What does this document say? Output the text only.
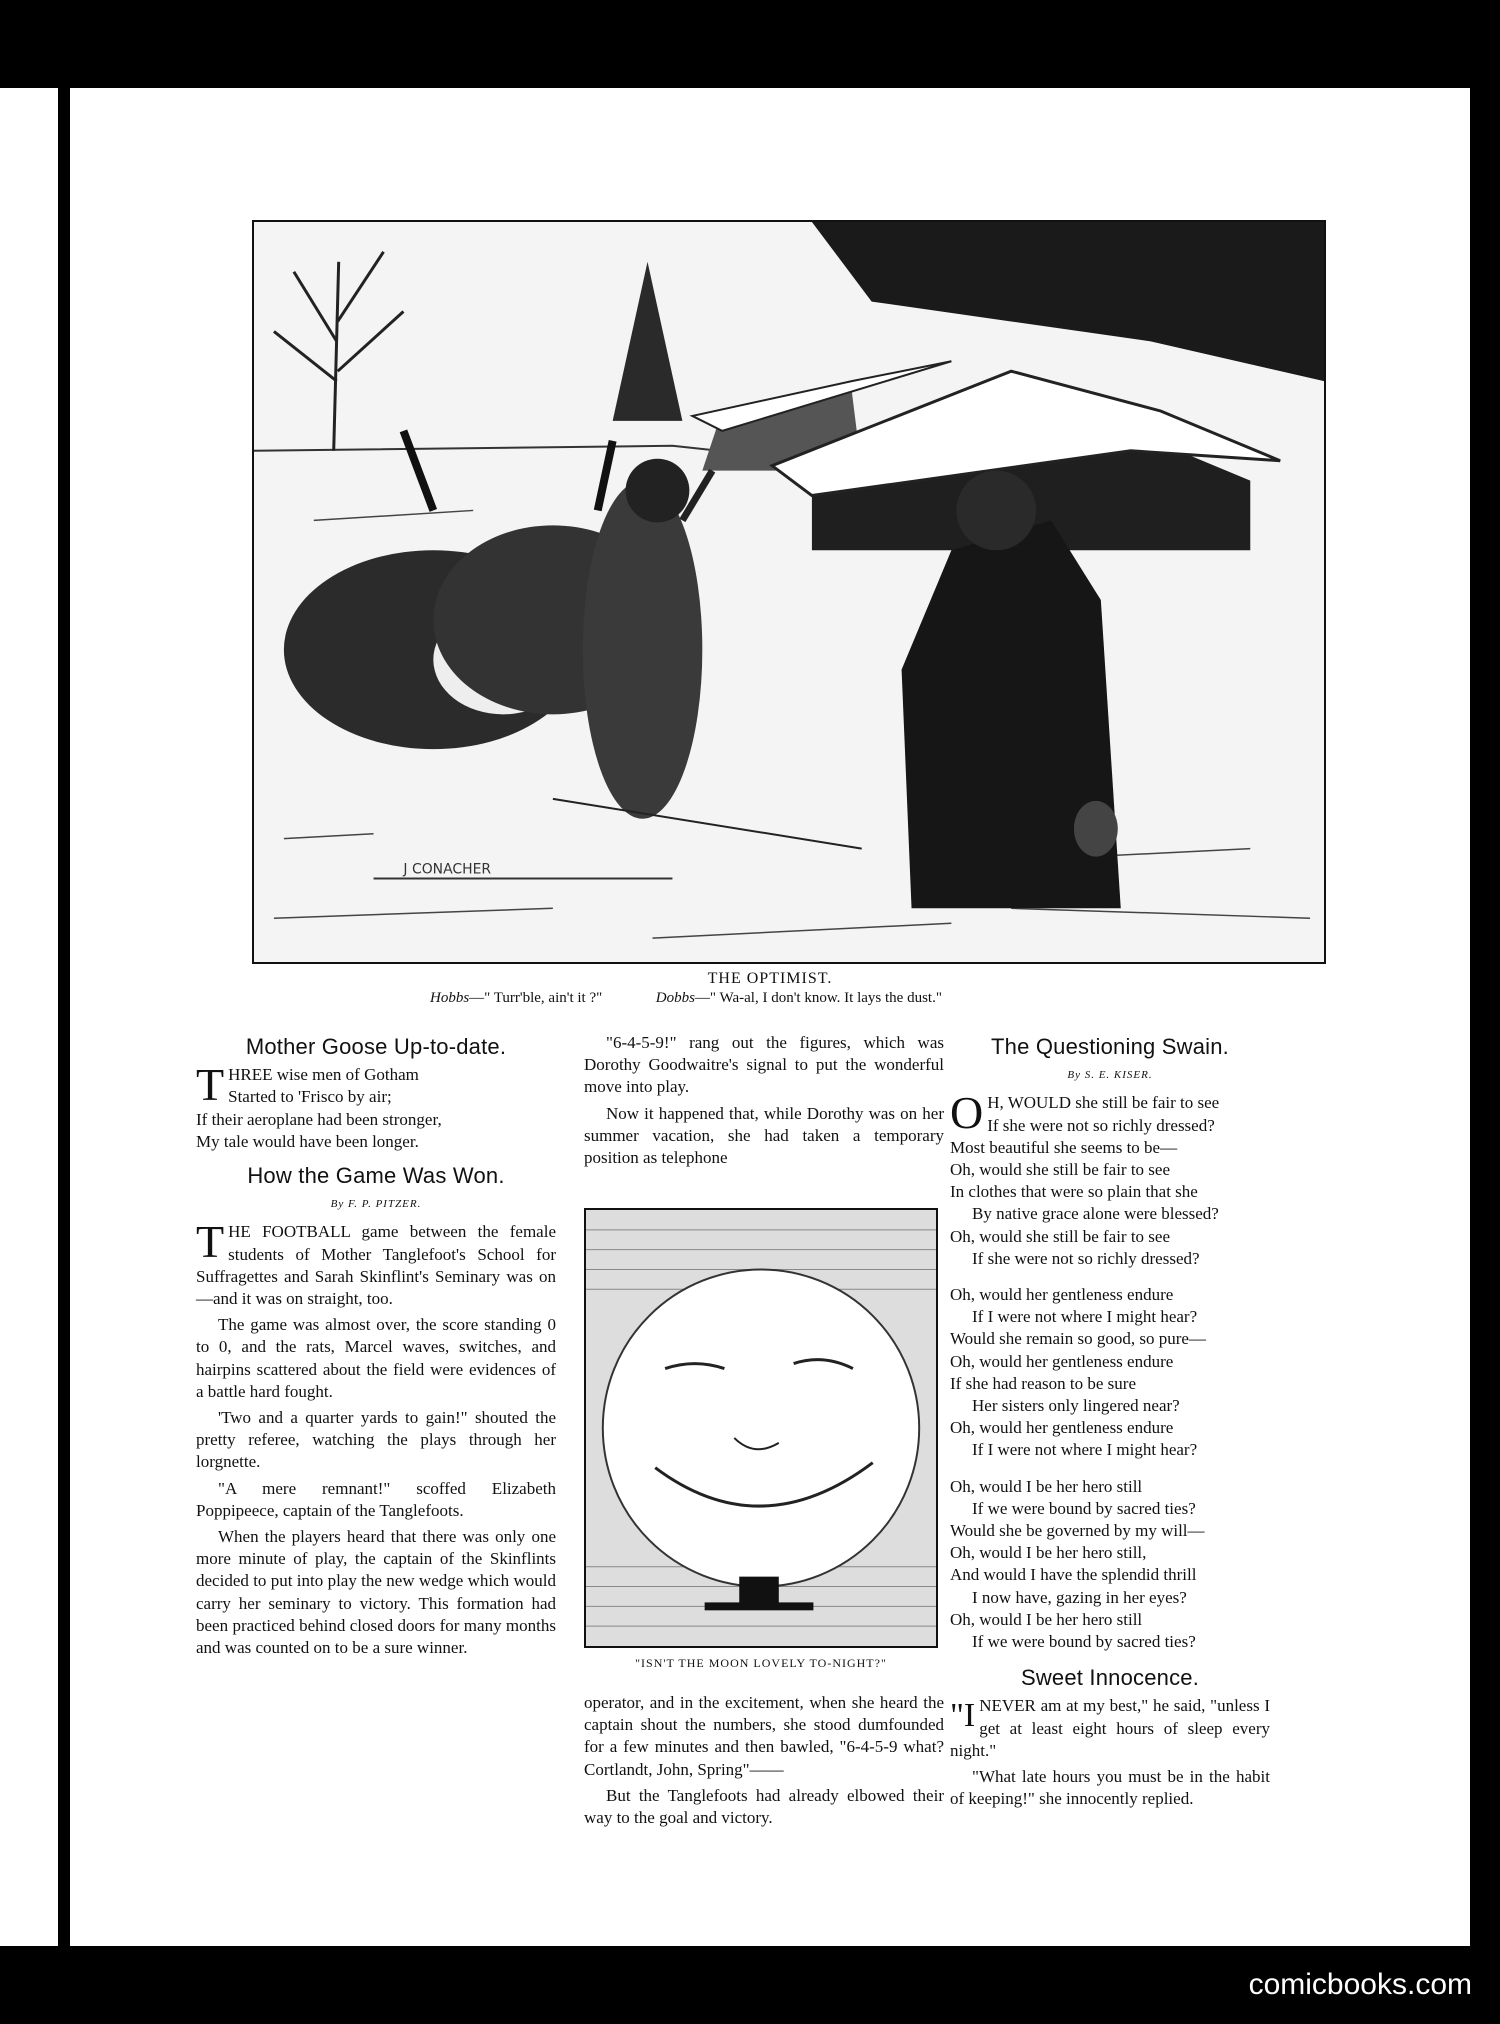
J CONACHER
THE OPTIMIST.
Hobbs—" Turr'ble, ain't it ?"	Dobbs—" Wa-al, I don't know. It lays the dust."
Mother Goose Up-to-date.
T HREE wise men of Gotham
Started to 'Frisco by air;
If their aeroplane had been stronger,
My tale would have been longer.
How the Game Was Won.
By F. P. PITZER.

THE FOOTBALL game between the female students of Mother Tanglefoot's School for Suffragettes and Sarah Skinflint's Seminary was on—and it was on straight, too.

The game was almost over, the score standing 0 to 0, and the rats, Marcel waves, switches, and hairpins scattered about the field were evidences of a battle hard fought.

'Two and a quarter yards to gain!" shouted the pretty referee, watching the plays through her lorgnette.

"A mere remnant!" scoffed Elizabeth Poppipeece, captain of the Tanglefoots.

When the players heard that there was only one more minute of play, the captain of the Skinflints decided to put into play the new wedge which would carry her seminary to victory. This formation had been practiced behind closed doors for many months and was counted on to be a sure winner.

"6-4-5-9!" rang out the figures, which was Dorothy Goodwaitre's signal to put the wonderful move into play.

Now it happened that, while Dorothy was on her summer vacation, she had taken a temporary position as telephone

"ISN'T THE MOON LOVELY TO-NIGHT?"

operator, and in the excitement, when she heard the captain shout the numbers, she stood dumfounded for a few minutes and then bawled, "6-4-5-9 what? Cortlandt, John, Spring"——

But the Tanglefoots had already elbowed their way to the goal and victory.

The Questioning Swain.
By S. E. KISER.
O H, WOULD she still be fair to see
If she were not so richly dressed?
Most beautiful she seems to be—
Oh, would she still be fair to see
In clothes that were so plain that she
By native grace alone were blessed?
Oh, would she still be fair to see
If she were not so richly dressed?
Oh, would her gentleness endure
If I were not where I might hear?
Would she remain so good, so pure—
Oh, would her gentleness endure
If she had reason to be sure
Her sisters only lingered near?
Oh, would her gentleness endure
If I were not where I might hear?
Oh, would I be her hero still
If we were bound by sacred ties?
Would she be governed by my will—
Oh, would I be her hero still,
And would I have the splendid thrill
I now have, gazing in her eyes?
Oh, would I be her hero still
If we were bound by sacred ties?
Sweet Innocence.

"INEVER am at my best," he said, "unless I get at least eight hours of sleep every night."

"What late hours you must be in the habit of keeping!" she innocently replied.

comicbooks.com
